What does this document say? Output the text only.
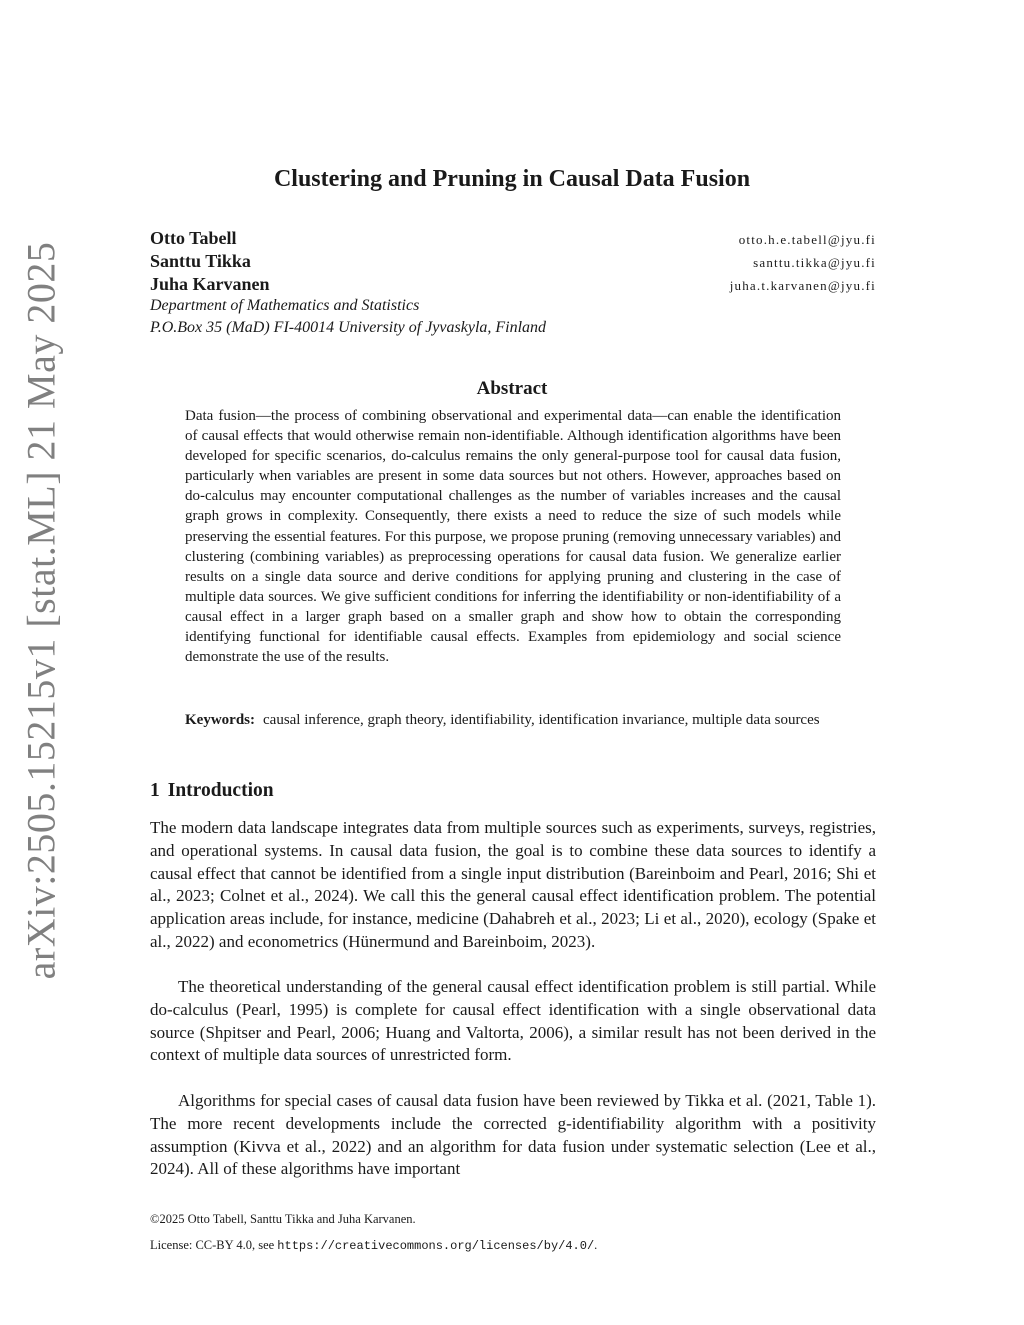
arXiv:2505.15215v1 [stat.ML] 21 May 2025
Clustering and Pruning in Causal Data Fusion
Otto Tabell	otto.h.e.tabell@jyu.fi
Santtu Tikka	santtu.tikka@jyu.fi
Juha Karvanen	juha.t.karvanen@jyu.fi
Department of Mathematics and Statistics
P.O.Box 35 (MaD) FI-40014 University of Jyvaskyla, Finland
Abstract

Data fusion—the process of combining observational and experimental data—can enable the identification of causal effects that would otherwise remain non-identifiable. Although identification algorithms have been developed for specific scenarios, do-calculus remains the only general-purpose tool for causal data fusion, particularly when variables are present in some data sources but not others. However, approaches based on do-calculus may encounter computational challenges as the number of variables increases and the causal graph grows in complexity. Consequently, there exists a need to reduce the size of such models while preserving the essential features. For this purpose, we propose pruning (removing unnecessary variables) and clustering (combining variables) as preprocessing operations for causal data fusion. We generalize earlier results on a single data source and derive conditions for applying pruning and clustering in the case of multiple data sources. We give sufficient conditions for inferring the identifiability or non-identifiability of a causal effect in a larger graph based on a smaller graph and show how to obtain the corresponding identifying functional for identifiable causal effects. Examples from epidemiology and social science demonstrate the use of the results.

Keywords: causal inference, graph theory, identifiability, identification invariance, multiple data sources

1 Introduction

The modern data landscape integrates data from multiple sources such as experiments, surveys, registries, and operational systems. In causal data fusion, the goal is to combine these data sources to identify a causal effect that cannot be identified from a single input distribution (Bareinboim and Pearl, 2016; Shi et al., 2023; Colnet et al., 2024). We call this the general causal effect identification problem. The potential application areas include, for instance, medicine (Dahabreh et al., 2023; Li et al., 2020), ecology (Spake et al., 2022) and econometrics (Hünermund and Bareinboim, 2023).

The theoretical understanding of the general causal effect identification problem is still partial. While do-calculus (Pearl, 1995) is complete for causal effect identification with a single observational data source (Shpitser and Pearl, 2006; Huang and Valtorta, 2006), a similar result has not been derived in the context of multiple data sources of unrestricted form.

Algorithms for special cases of causal data fusion have been reviewed by Tikka et al. (2021, Table 1). The more recent developments include the corrected g-identifiability algorithm with a positivity assumption (Kivva et al., 2022) and an algorithm for data fusion under systematic selection (Lee et al., 2024). All of these algorithms have important

©2025 Otto Tabell, Santtu Tikka and Juha Karvanen.

License: CC-BY 4.0, see https://creativecommons.org/licenses/by/4.0/.
